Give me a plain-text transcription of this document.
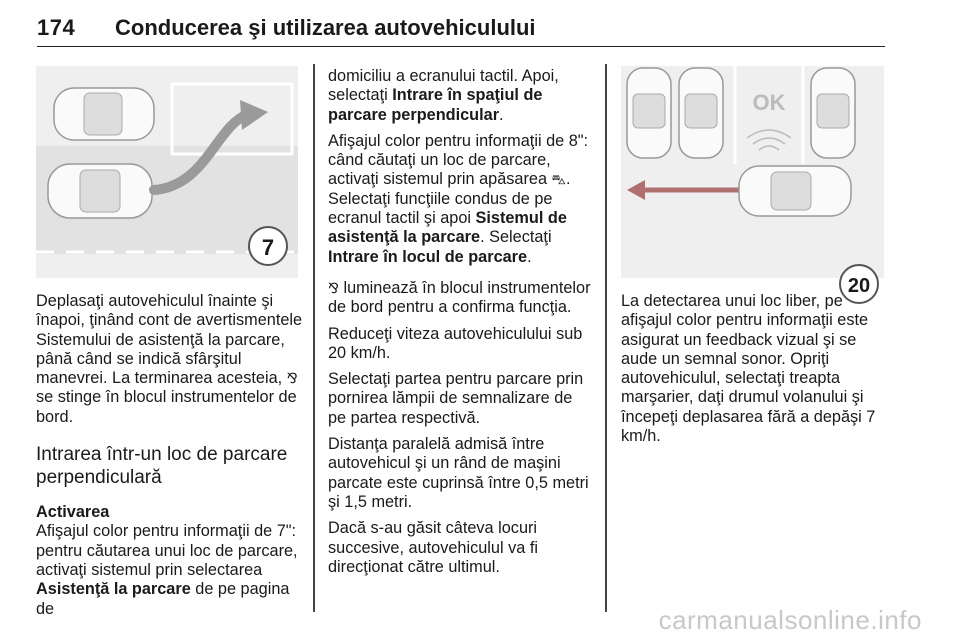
174 Conducerea şi utilizarea autovehiculului
7
OK
20

Deplasaţi autovehiculul înainte şi înapoi, ţinând cont de avertismentele Sistemului de asistenţă la parcare, până când se indică sfârşitul manevrei. La terminarea acesteia, ⅋ se stinge în blocul instrumentelor de bord.

Intrarea într-un loc de parcare perpendiculară
Activarea

Afişajul color pentru informaţii de 7": pentru căutarea unui loc de parcare, activaţi sistemul prin selectarea Asistenţă la parcare de pe pagina de

domiciliu a ecranului tactil. Apoi, selectaţi Intrare în spaţiul de parcare perpendicular.

Afişajul color pentru informaţii de 8": când căutaţi un loc de parcare, activaţi sistemul prin apăsarea ⛍. Selectaţi funcţiile condus de pe ecranul tactil şi apoi Sistemul de asistenţă la parcare. Selectaţi Intrare în locul de parcare.

⅋ luminează în blocul instrumentelor de bord pentru a confirma funcţia.

Reduceţi viteza autovehiculului sub 20 km/h.

Selectaţi partea pentru parcare prin pornirea lămpii de semnalizare de pe partea respectivă.

Distanţa paralelă admisă între autovehicul şi un rând de maşini parcate este cuprinsă între 0,5 metri şi 1,5 metri.

Dacă s-au găsit câteva locuri succesive, autovehiculul va fi direcţionat către ultimul.

La detectarea unui loc liber, pe afişajul color pentru informaţii este asigurat un feedback vizual şi se aude un semnal sonor. Opriţi autovehiculul, selectaţi treapta marşarier, daţi drumul volanului şi începeţi deplasarea fără a depăşi 7 km/h.

carmanualsonline.info
